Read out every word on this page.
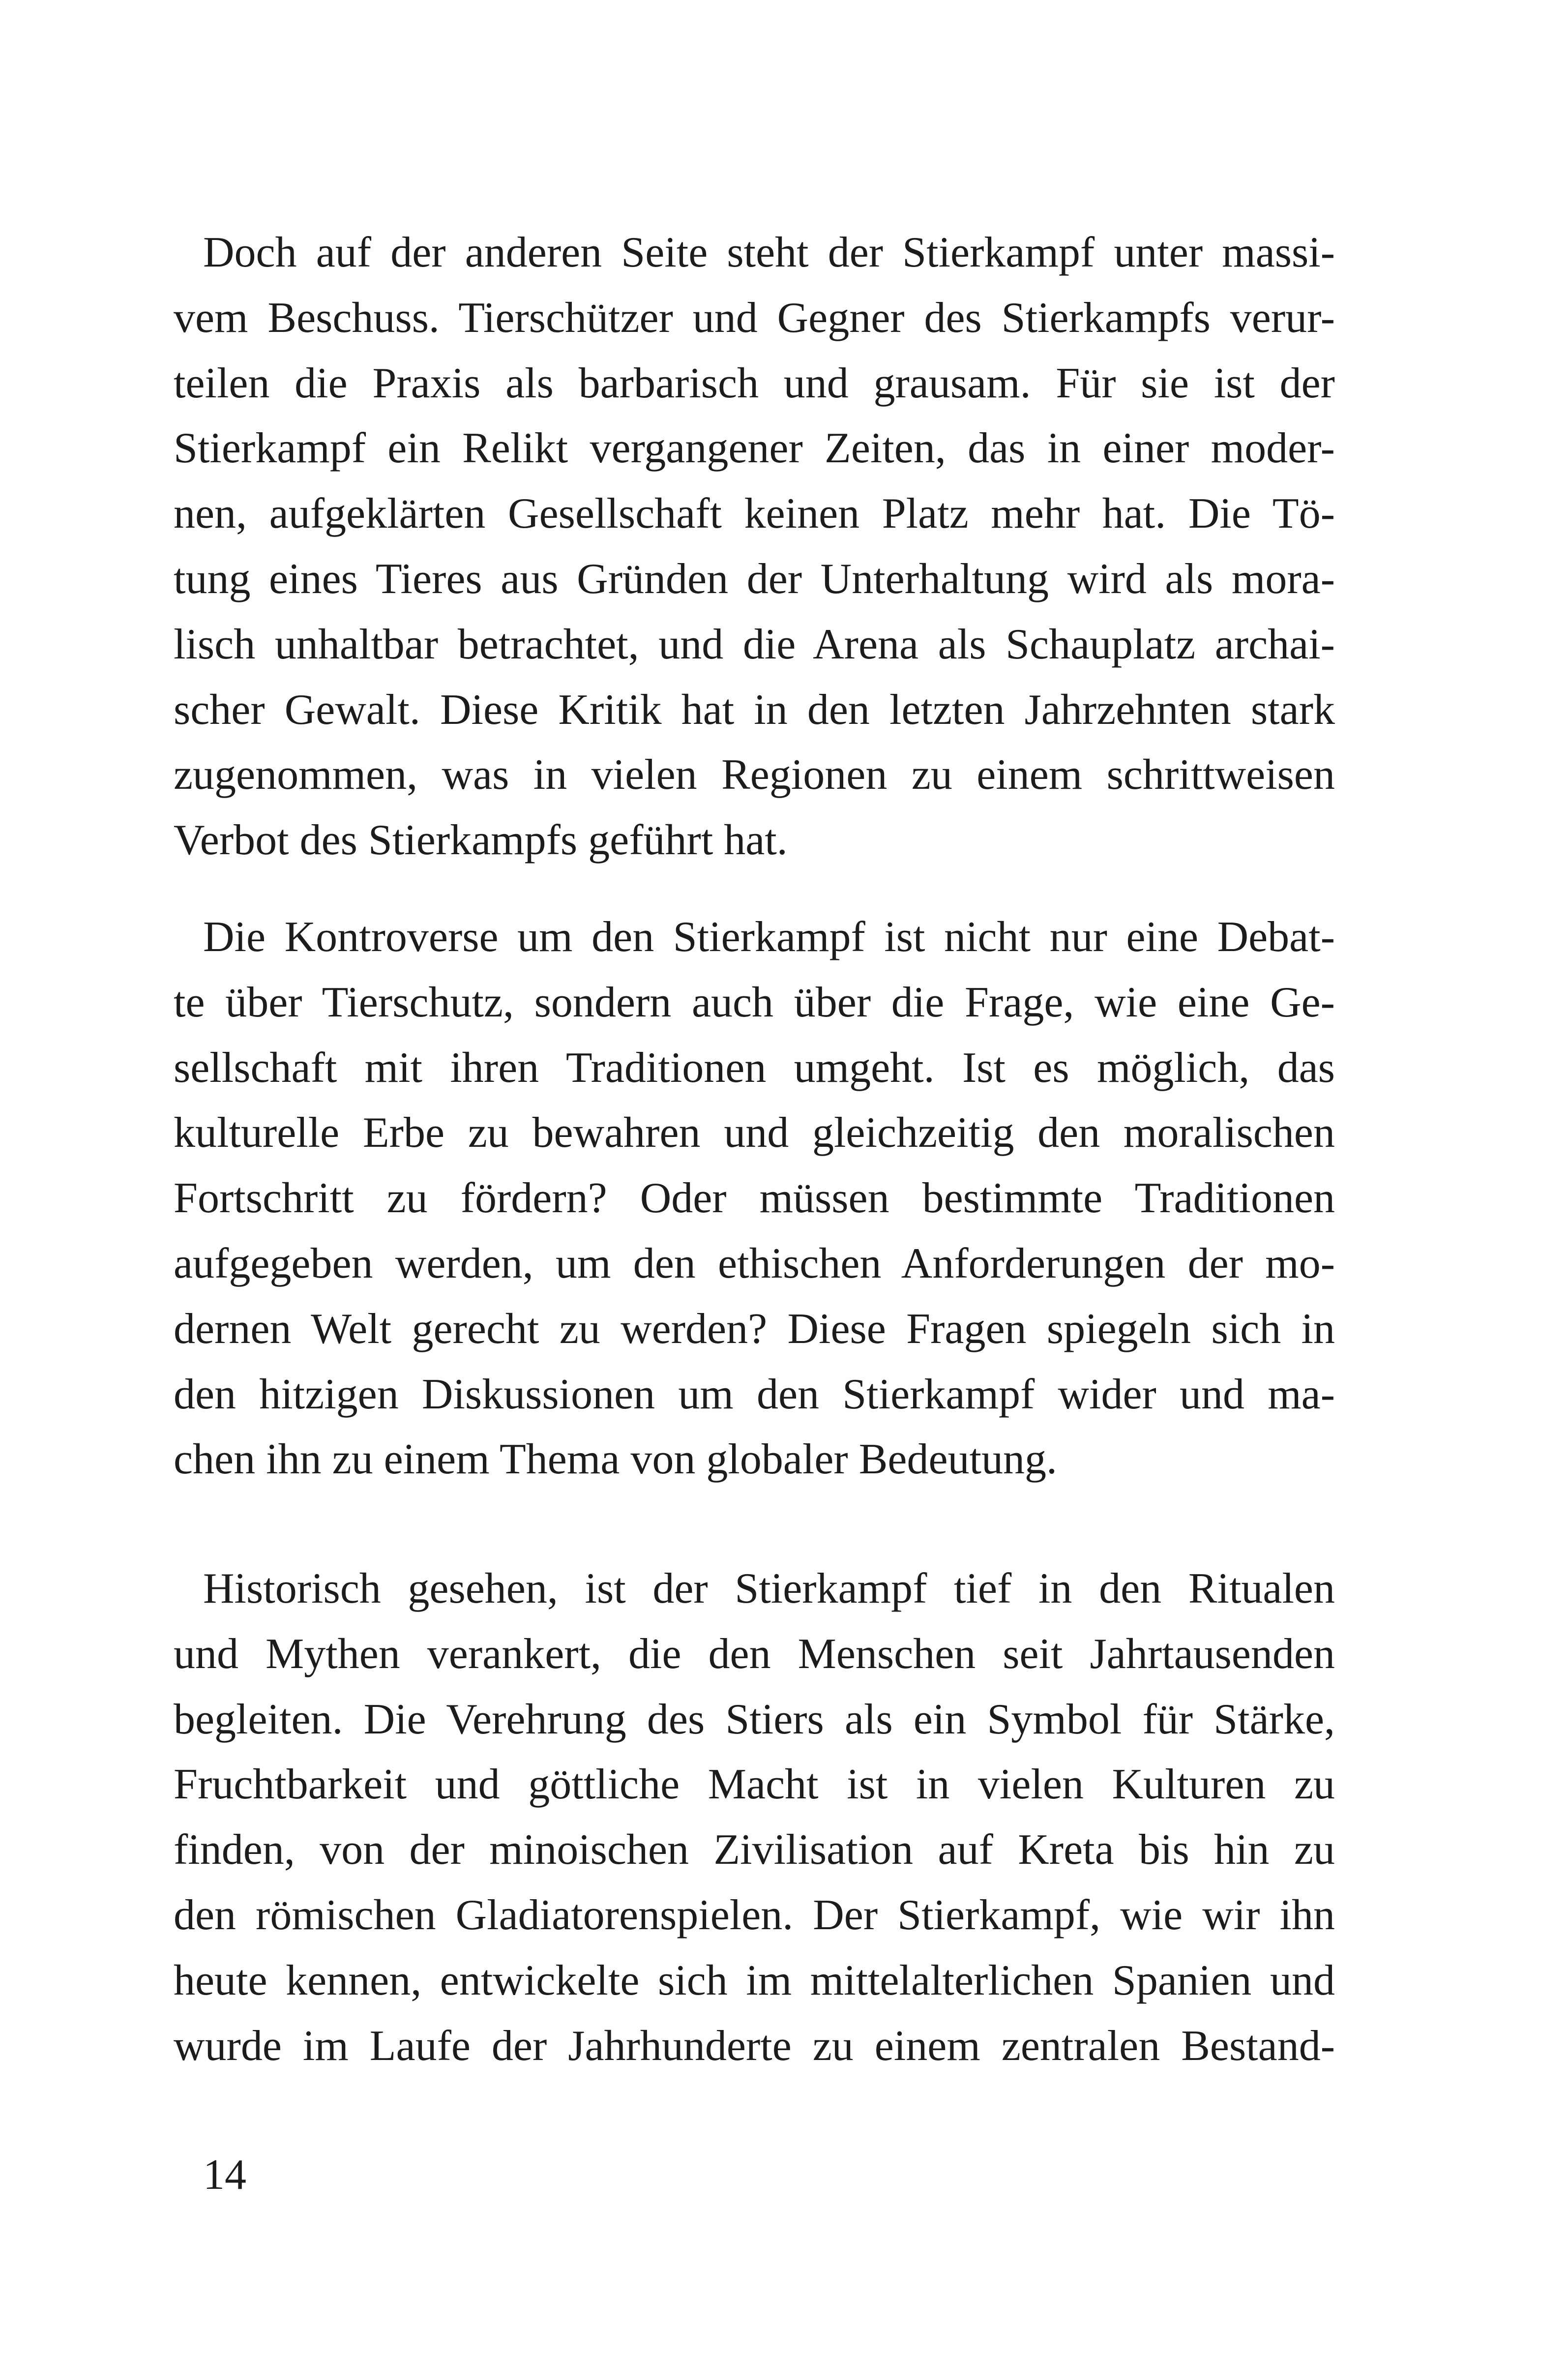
Doch auf der anderen Seite steht der Stierkampf unter massi-
vem Beschuss. Tierschützer und Gegner des Stierkampfs verur-
teilen die Praxis als barbarisch und grausam. Für sie ist der
Stierkampf ein Relikt vergangener Zeiten, das in einer moder-
nen, aufgeklärten Gesellschaft keinen Platz mehr hat. Die Tö-
tung eines Tieres aus Gründen der Unterhaltung wird als mora-
lisch unhaltbar betrachtet, und die Arena als Schauplatz archai-
scher Gewalt. Diese Kritik hat in den letzten Jahrzehnten stark
zugenommen, was in vielen Regionen zu einem schrittweisen
Verbot des Stierkampfs geführt hat.
Die Kontroverse um den Stierkampf ist nicht nur eine Debat-
te über Tierschutz, sondern auch über die Frage, wie eine Ge-
sellschaft mit ihren Traditionen umgeht. Ist es möglich, das
kulturelle Erbe zu bewahren und gleichzeitig den moralischen
Fortschritt zu fördern? Oder müssen bestimmte Traditionen
aufgegeben werden, um den ethischen Anforderungen der mo-
dernen Welt gerecht zu werden? Diese Fragen spiegeln sich in
den hitzigen Diskussionen um den Stierkampf wider und ma-
chen ihn zu einem Thema von globaler Bedeutung.
Historisch gesehen, ist der Stierkampf tief in den Ritualen
und Mythen verankert, die den Menschen seit Jahrtausenden
begleiten. Die Verehrung des Stiers als ein Symbol für Stärke,
Fruchtbarkeit und göttliche Macht ist in vielen Kulturen zu
finden, von der minoischen Zivilisation auf Kreta bis hin zu
den römischen Gladiatorenspielen. Der Stierkampf, wie wir ihn
heute kennen, entwickelte sich im mittelalterlichen Spanien und
wurde im Laufe der Jahrhunderte zu einem zentralen Bestand-
14
